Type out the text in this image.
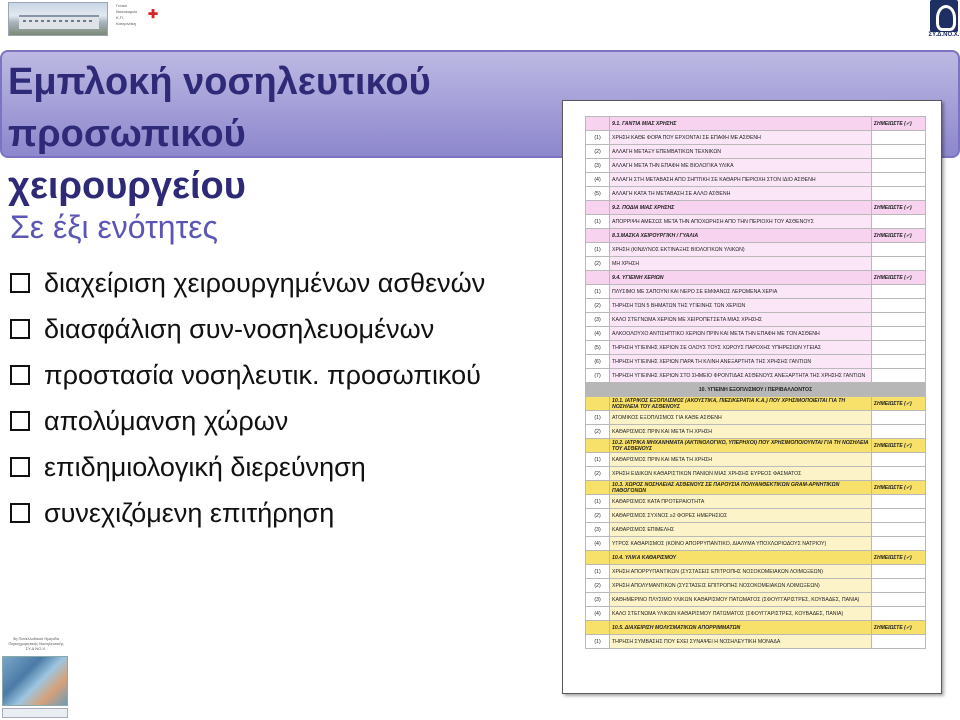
Γενικό
Νοσοκομείο Κ.Π.
Κατερινάκη
✚
ΣΥ.Δ.ΝΟ.Χ.
Εμπλοκή νοσηλευτικού προσωπικού
χειρουργείου
Σε έξι ενότητες
διαχείριση χειρουργημένων ασθενών
διασφάλιση συν-νοσηλευομένων
προστασία νοσηλευτικ. προσωπικού
απολύμανση χώρων
επιδημιολογική διερεύνηση
συνεχιζόμενη επιτήρηση
	9.1. ΓΑΝΤΙΑ ΜΙΑΣ ΧΡΗΣΗΣ	ΣΗΜΕΙΩΣΤΕ (✓)
(1)	ΧΡΗΣΗ ΚΑΘΕ ΦΟΡΑ ΠΟΥ ΕΡΧΟΝΤΑΙ ΣΕ ΕΠΑΦΗ ΜΕ ΑΣΘΕΝΗ	
(2)	ΑΛΛΑΓΗ ΜΕΤΑΞΥ ΕΠΕΜΒΑΤΙΚΩΝ ΤΕΧΝΙΚΩΝ	
(3)	ΑΛΛΑΓΗ ΜΕΤΑ ΤΗΝ ΕΠΑΦΗ ΜΕ ΒΙΟΛΟΓΙΚΑ ΥΛΙΚΑ	
(4)	ΑΛΛΑΓΗ ΣΤΗ ΜΕΤΑΒΑΣΗ ΑΠΟ ΣΗΠΤΙΚΗ ΣΕ ΚΑΘΑΡΗ ΠΕΡΙΟΧΗ ΣΤΟΝ ΙΔΙΟ ΑΣΘΕΝΗ	
(5)	ΑΛΛΑΓΗ ΚΑΤΑ ΤΗ ΜΕΤΑΒΑΣΗ ΣΕ ΑΛΛΟ ΑΣΘΕΝΗ	
	9.2. ΠΟΔΙΑ ΜΙΑΣ ΧΡΗΣΗΣ	ΣΗΜΕΙΩΣΤΕ (✓)
(1)	ΑΠΟΡΡΙΨΗ ΑΜΕΣΩΣ ΜΕΤΑ ΤΗΝ ΑΠΟΧΩΡΗΣΗ ΑΠΟ ΤΗΝ ΠΕΡΙΟΧΗ ΤΟΥ ΑΣΘΕΝΟΥΣ	
	8.3.ΜΑΣΚΑ ΧΕΙΡΟΥΡΓΙΚΗ / ΓΥΑΛΙΑ	ΣΗΜΕΙΩΣΤΕ (✓)
(1)	ΧΡΗΣΗ (ΚΙΝΔΥΝΟΣ ΕΚΤΙΝΑΞΗΣ ΒΙΟΛΟΓΙΚΩΝ ΥΛΙΚΩΝ)	
(2)	ΜΗ ΧΡΗΣΗ	
	9.4. ΥΓΙΕΙΝΗ ΧΕΡΙΩΝ	ΣΗΜΕΙΩΣΤΕ (✓)
(1)	ΠΛΥΣΙΜΟ ΜΕ ΣΑΠΟΥΝΙ ΚΑΙ ΝΕΡΟ ΣΕ ΕΜΦΑΝΩΣ ΛΕΡΩΜΕΝΑ ΧΕΡΙΑ	
(2)	ΤΗΡΗΣΗ ΤΩΝ 5 ΒΗΜΑΤΩΝ ΤΗΣ ΥΓΙΕΙΝΗΣ ΤΩΝ ΧΕΡΙΩΝ	
(3)	ΚΑΛΟ ΣΤΕΓΝΩΜΑ ΧΕΡΙΩΝ ΜΕ ΧΕΙΡΟΠΕΤΣΕΤΑ ΜΙΑΣ ΧΡΗΣΗΣ	
(4)	ΑΛΚΟΟΛΟΥΧΟ ΑΝΤΙΣΗΠΤΙΚΟ ΧΕΡΙΩΝ ΠΡΙΝ ΚΑΙ ΜΕΤΑ ΤΗΝ ΕΠΑΦΗ ΜΕ ΤΟΝ ΑΣΘΕΝΗ	
(5)	ΤΗΡΗΣΗ ΥΓΙΕΙΝΗΣ ΧΕΡΙΩΝ ΣΕ ΟΛΟΥΣ ΤΟΥΣ ΧΩΡΟΥΣ ΠΑΡΟΧΗΣ ΥΠΗΡΕΣΙΩΝ ΥΓΕΙΑΣ	
(6)	ΤΗΡΗΣΗ ΥΓΙΕΙΝΗΣ ΧΕΡΙΩΝ ΠΑΡΑ ΤΗ ΚΛΙΝΗ ΑΝΕΞΑΡΤΗΤΑ ΤΗΣ ΧΡΗΣΗΣ ΓΑΝΤΙΩΝ	
(7)	ΤΗΡΗΣΗ ΥΓΙΕΙΝΗΣ ΧΕΡΙΩΝ ΣΤΟ ΣΗΜΕΙΟ ΦΡΟΝΤΙΔΑΣ ΑΣΘΕΝΟΥΣ ΑΝΕΞΑΡΤΗΤΑ ΤΗΣ ΧΡΗΣΗΣ ΓΑΝΤΙΩΝ	
10. ΥΓΙΕΙΝΗ ΕΞΟΠΛΙΣΜΟΥ / ΠΕΡΙΒΑΛΛΟΝΤΟΣ		
	10.1. ΙΑΤΡΙΚΟΣ ΕΞΟΠΛΙΣΜΟΣ (ΑΚΟΥΣΤΙΚΑ, ΠΙΕΣΙΚΕΡΑΤΙΑ Κ.Α.) ΠΟΥ ΧΡΗΣΙΜΟΠΟΙΕΙΤΑΙ ΓΙΑ ΤΗ ΝΟΣΗΛΕΙΑ ΤΟΥ ΑΣΘΕΝΟΥΣ	ΣΗΜΕΙΩΣΤΕ (✓)
(1)	ΑΤΟΜΙΚΟΣ ΕΞΟΠΛΙΣΜΟΣ ΓΙΑ ΚΑΘΕ ΑΣΘΕΝΗ	
(2)	ΚΑΘΑΡΙΣΜΟΣ ΠΡΙΝ ΚΑΙ ΜΕΤΑ ΤΗ ΧΡΗΣΗ	
	10.2. ΙΑΤΡΙΚΑ ΜΗΧΑΝΗΜΑΤΑ (ΑΚΤΙΝΟΛΟΓΙΚΟ, ΥΠΕΡΗΧΟΙ) ΠΟΥ ΧΡΗΣΙΜΟΠΟΙΟΥΝΤΑΙ ΓΙΑ ΤΗ ΝΟΣΗΛΕΙΑ ΤΟΥ ΑΣΘΕΝΟΥΣ	ΣΗΜΕΙΩΣΤΕ (✓)
(1)	ΚΑΘΑΡΙΣΜΟΣ ΠΡΙΝ ΚΑΙ ΜΕΤΑ ΤΗ ΧΡΗΣΗ	
(2)	ΧΡΗΣΗ ΕΙΔΙΚΩΝ ΚΑΘΑΡΙΣΤΙΚΩΝ ΠΑΝΙΩΝ ΜΙΑΣ ΧΡΗΣΗΣ ΕΥΡΕΟΣ ΦΑΣΜΑΤΟΣ	
	10.3. ΧΩΡΟΣ ΝΟΣΗΛΕΙΑΣ ΑΣΘΕΝΟΥΣ ΣΕ ΠΑΡΟΥΣΙΑ ΠΟΛΥΑΝΘΕΚΤΙΚΩΝ GRAM-ΑΡΝΗΤΙΚΩΝ ΠΑΘΟΓΟΝΩΝ	ΣΗΜΕΙΩΣΤΕ (✓)
(1)	ΚΑΘΑΡΙΣΜΟΣ ΚΑΤΑ ΠΡΟΤΕΡΑΙΟΤΗΤΑ	
(2)	ΚΑΘΑΡΙΣΜΟΣ ΣΥΧΝΟΣ ≥2 ΦΟΡΕΣ ΗΜΕΡΗΣΙΩΣ	
(3)	ΚΑΘΑΡΙΣΜΟΣ ΕΠΙΜΕΛΗΣ	
(4)	ΥΓΡΟΣ ΚΑΘΑΡΙΣΜΟΣ (ΚΟΙΝΟ ΑΠΟΡΡΥΠΑΝΤΙΚΟ, ΔΙΑΛΥΜΑ ΥΠΟΧΛΩΡΙΩΔΟΥΣ ΝΑΤΡΙΟΥ)	
	10.4. ΥΛΙΚΑ ΚΑΘΑΡΙΣΜΟΥ	ΣΗΜΕΙΩΣΤΕ (✓)
(1)	ΧΡΗΣΗ ΑΠΟΡΡΥΠΑΝΤΙΚΩΝ (ΣΥΣΤΑΣΕΙΣ ΕΠΙΤΡΟΠΗΣ ΝΟΣΟΚΟΜΕΙΑΚΩΝ ΛΟΙΜΩΞΕΩΝ)	
(2)	ΧΡΗΣΗ ΑΠΟΛΥΜΑΝΤΙΚΩΝ (ΣΥΣΤΑΣΕΙΣ ΕΠΙΤΡΟΠΗΣ ΝΟΣΟΚΟΜΕΙΑΚΩΝ ΛΟΙΜΩΞΕΩΝ)	
(3)	ΚΑΘΗΜΕΡΙΝΟ ΠΛΥΣΙΜΟ ΥΛΙΚΩΝ ΚΑΘΑΡΙΣΜΟΥ ΠΑΤΩΜΑΤΟΣ (ΣΦΟΥΓΓΑΡΙΣΤΡΕΣ, ΚΟΥΒΑΔΕΣ, ΠΑΝΙΑ)	
(4)	ΚΑΛΟ ΣΤΕΓΝΩΜΑ ΥΛΙΚΩΝ ΚΑΘΑΡΙΣΜΟΥ ΠΑΤΩΜΑΤΟΣ (ΣΦΟΥΓΓΑΡΙΣΤΡΕΣ, ΚΟΥΒΑΔΕΣ, ΠΑΝΙΑ)	
	10.5. ΔΙΑΧΕΙΡΙΣΗ ΜΟΛΥΣΜΑΤΙΚΩΝ ΑΠΟΡΡΙΜΜΑΤΩΝ	ΣΗΜΕΙΩΣΤΕ (✓)
(1)	ΤΗΡΗΣΗ ΣΥΜΒΑΣΗΣ ΠΟΥ ΕΧΕΙ ΣΥΝΑΨΕΙ Η ΝΟΣΗΛΕΥΤΙΚΗ ΜΟΝΑΔΑ	
3η Πανελλαδικού Ημερίδα
Περιεγχειρητικής Νοσηλευτικής
ΣΥ.Δ.ΝΟ.Χ.
